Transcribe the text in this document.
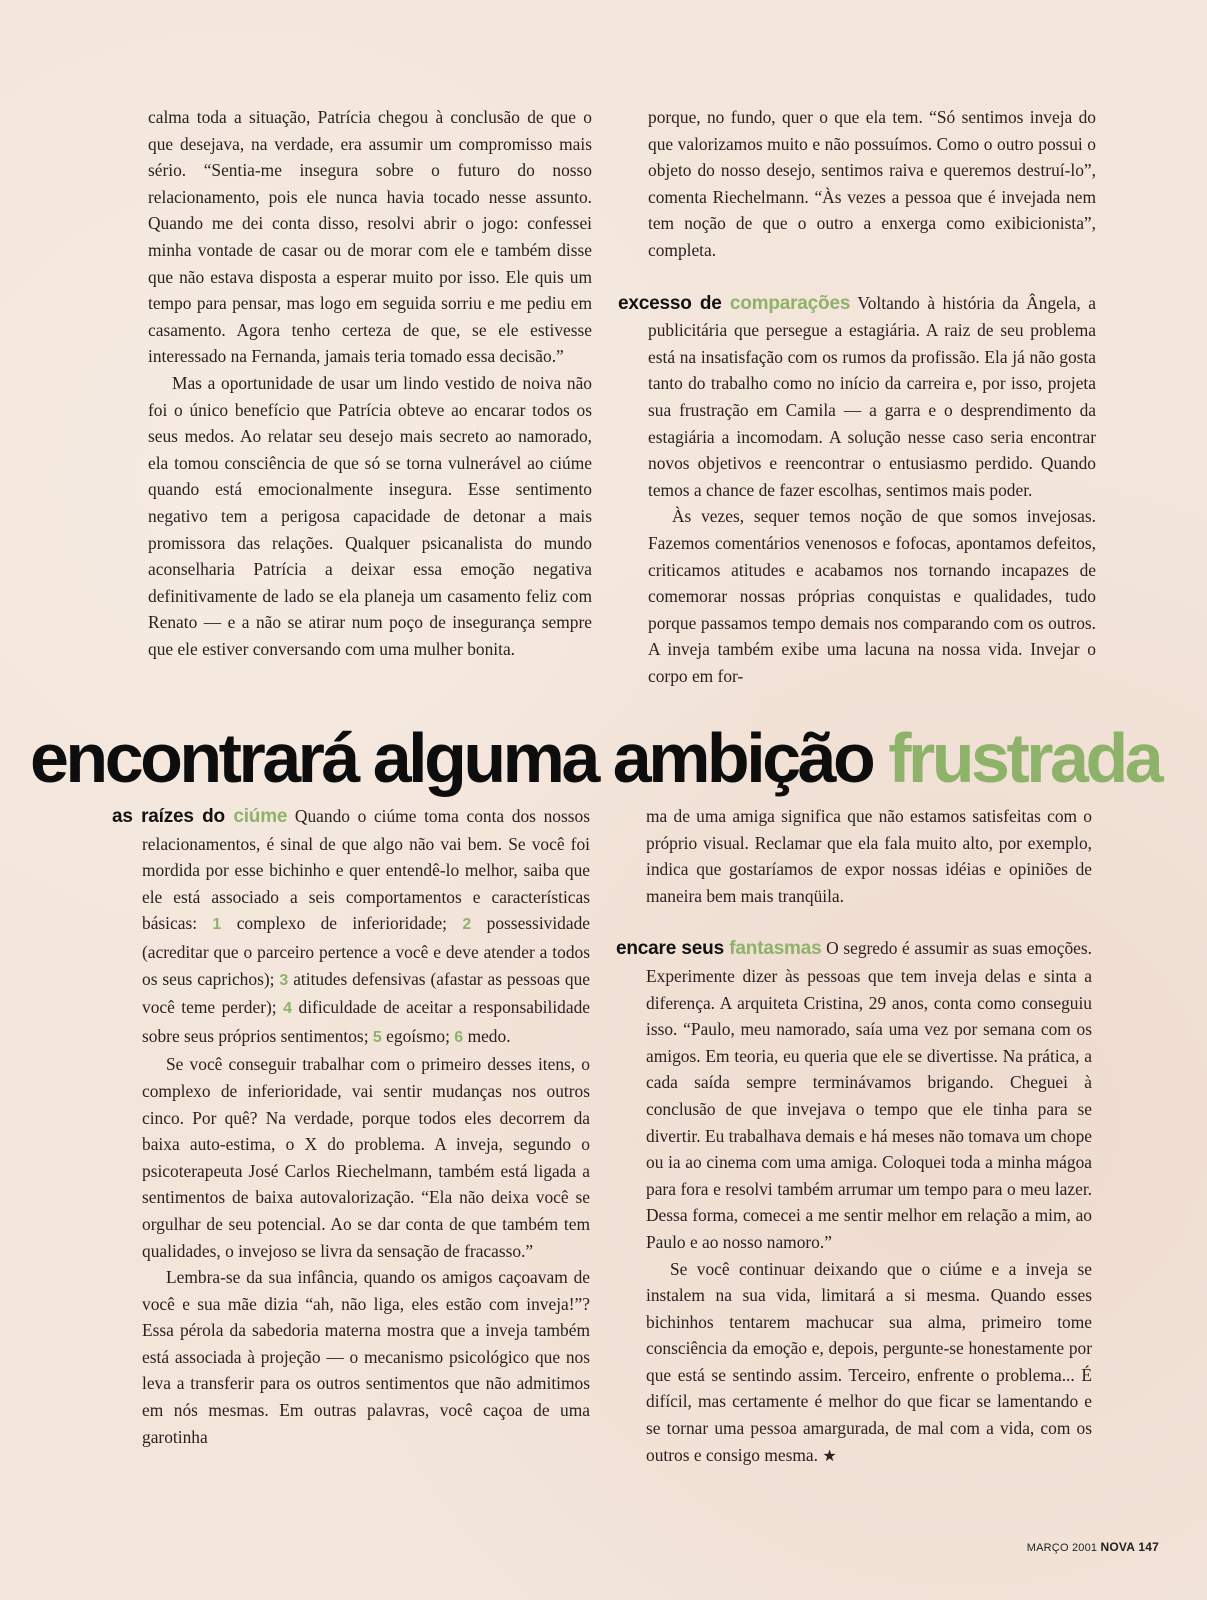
calma toda a situação, Patrícia chegou à conclusão de que o que desejava, na verdade, era assumir um compromisso mais sério. “Sentia-me insegura sobre o futuro do nosso relacionamento, pois ele nunca havia tocado nesse assunto. Quando me dei conta disso, resolvi abrir o jogo: confessei minha vontade de casar ou de morar com ele e também disse que não estava disposta a esperar muito por isso. Ele quis um tempo para pensar, mas logo em seguida sorriu e me pediu em casamento. Agora tenho certeza de que, se ele estivesse interessado na Fernanda, jamais teria tomado essa decisão.”

Mas a oportunidade de usar um lindo vestido de noiva não foi o único benefício que Patrícia obteve ao encarar todos os seus medos. Ao relatar seu desejo mais secreto ao namorado, ela tomou consciência de que só se torna vulnerável ao ciúme quando está emocionalmente insegura. Esse sentimento negativo tem a perigosa capacidade de detonar a mais promissora das relações. Qualquer psicanalista do mundo aconselharia Patrícia a deixar essa emoção negativa definitivamente de lado se ela planeja um casamento feliz com Renato — e a não se atirar num poço de insegurança sempre que ele estiver conversando com uma mulher bonita.

porque, no fundo, quer o que ela tem. “Só sentimos inveja do que valorizamos muito e não possuímos. Como o outro possui o objeto do nosso desejo, sentimos raiva e queremos destruí-lo”, comenta Riechelmann. “Às vezes a pessoa que é invejada nem tem noção de que o outro a enxerga como exibicionista”, completa.

excesso de comparações Voltando à história da Ângela, a publicitária que persegue a estagiária. A raiz de seu problema está na insatisfação com os rumos da profissão. Ela já não gosta tanto do trabalho como no início da carreira e, por isso, projeta sua frustração em Camila — a garra e o desprendimento da estagiária a incomodam. A solução nesse caso seria encontrar novos objetivos e reencontrar o entusiasmo perdido. Quando temos a chance de fazer escolhas, sentimos mais poder.

Às vezes, sequer temos noção de que somos invejosas. Fazemos comentários venenosos e fofocas, apontamos defeitos, criticamos atitudes e acabamos nos tornando incapazes de comemorar nossas próprias conquistas e qualidades, tudo porque passamos tempo demais nos comparando com os outros. A inveja também exibe uma lacuna na nossa vida. Invejar o corpo em for-

encontrará alguma ambição frustrada

as raízes do ciúme Quando o ciúme toma conta dos nossos relacionamentos, é sinal de que algo não vai bem. Se você foi mordida por esse bichinho e quer entendê-lo melhor, saiba que ele está associado a seis comportamentos e características básicas: 1 complexo de inferioridade; 2 possessividade (acreditar que o parceiro pertence a você e deve atender a todos os seus caprichos); 3 atitudes defensivas (afastar as pessoas que você teme perder); 4 dificuldade de aceitar a responsabilidade sobre seus próprios sentimentos; 5 egoísmo; 6 medo.

Se você conseguir trabalhar com o primeiro desses itens, o complexo de inferioridade, vai sentir mudanças nos outros cinco. Por quê? Na verdade, porque todos eles decorrem da baixa auto-estima, o X do problema. A inveja, segundo o psicoterapeuta José Carlos Riechelmann, também está ligada a sentimentos de baixa autovalorização. “Ela não deixa você se orgulhar de seu potencial. Ao se dar conta de que também tem qualidades, o invejoso se livra da sensação de fracasso.”

Lembra-se da sua infância, quando os amigos caçoavam de você e sua mãe dizia “ah, não liga, eles estão com inveja!”? Essa pérola da sabedoria materna mostra que a inveja também está associada à projeção — o mecanismo psicológico que nos leva a transferir para os outros sentimentos que não admitimos em nós mesmas. Em outras palavras, você caçoa de uma garotinha

ma de uma amiga significa que não estamos satisfeitas com o próprio visual. Reclamar que ela fala muito alto, por exemplo, indica que gostaríamos de expor nossas idéias e opiniões de maneira bem mais tranqüila.

encare seus fantasmas O segredo é assumir as suas emoções. Experimente dizer às pessoas que tem inveja delas e sinta a diferença. A arquiteta Cristina, 29 anos, conta como conseguiu isso. “Paulo, meu namorado, saía uma vez por semana com os amigos. Em teoria, eu queria que ele se divertisse. Na prática, a cada saída sempre terminávamos brigando. Cheguei à conclusão de que invejava o tempo que ele tinha para se divertir. Eu trabalhava demais e há meses não tomava um chope ou ia ao cinema com uma amiga. Coloquei toda a minha mágoa para fora e resolvi também arrumar um tempo para o meu lazer. Dessa forma, comecei a me sentir melhor em relação a mim, ao Paulo e ao nosso namoro.”

Se você continuar deixando que o ciúme e a inveja se instalem na sua vida, limitará a si mesma. Quando esses bichinhos tentarem machucar sua alma, primeiro tome consciência da emoção e, depois, pergunte-se honestamente por que está se sentindo assim. Terceiro, enfrente o problema... É difícil, mas certamente é melhor do que ficar se lamentando e se tornar uma pessoa amargurada, de mal com a vida, com os outros e consigo mesma. ★

MARÇO 2001 NOVA 147
